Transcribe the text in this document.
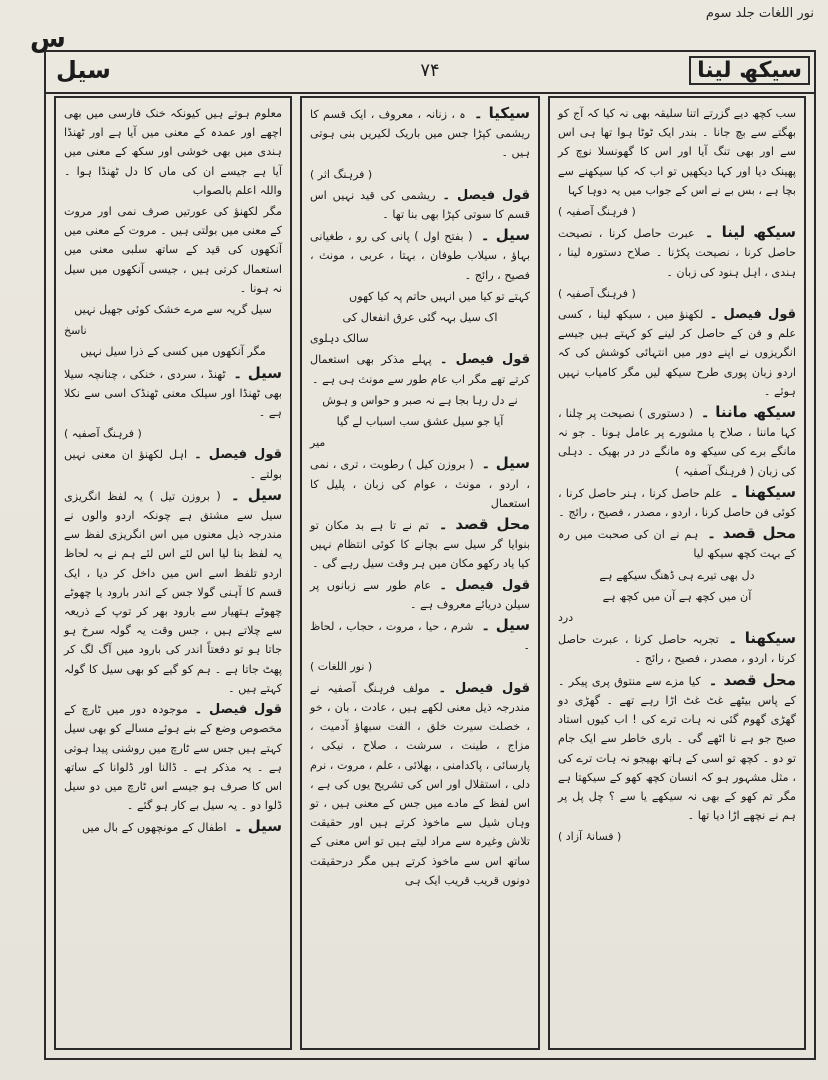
نور اللغات جلد سوم
س
سیکھ لینا
۷۴
سیل
سب کچھ دیے گزرتے اتنا سلیقہ بھی نہ کیا کہ آج کو بھگتے سے بچ جانا ۔ بندر ایک ٹوٹا ہوا تھا ہی اس سے اور بھی تنگ آیا اور اس کا گھونسلا نوچ کر پھینک دیا اور کہا دیکھیں تو اب کہ کیا سیکھنے سے بچا ہے ، بس بے نے اس کے جواب میں یہ دوہا کہا
( فرہنگ آصفیہ )
سیکھ لینا ۔ عبرت حاصل کرنا ، نصیحت حاصل کرنا ، نصیحت پکڑنا ۔ صلاح دستورہ لینا ، ہندی ، اہل ہنود کی زبان ۔
( فرہنگ آصفیہ )
قول فیصل ۔ لکھنؤ میں ، سیکھ لینا ، کسی علم و فن کے حاصل کر لینے کو کہتے ہیں جیسے انگریزوں نے اپنے دور میں انتہائی کوشش کی کہ اردو زبان پوری طرح سیکھ لیں مگر کامیاب نہیں ہوئے ۔
سیکھ ماننا ۔ ( دستوری ) نصیحت پر چلنا ، کہا ماننا ، صلاح یا مشورے پر عامل ہونا ۔ جو نہ مانگے برے کی سیکھ وہ مانگے در در بھیک ۔ دہلی کی زبان ( فرہنگ آصفیہ )
سیکھنا ۔ علم حاصل کرنا ، ہنر حاصل کرنا ، کوئی فن حاصل کرنا ، اردو ، مصدر ، فصیح ، رائج ۔
محل قصد ۔ ہم نے ان کی صحبت میں رہ کے بہت کچھ سیکھ لیا
دل بھی تیرے ہی ڈھنگ سیکھے ہے
آن میں کچھ ہے آن میں کچھ ہے
درد
سیکھنا ۔ تجربہ حاصل کرنا ، عبرت حاصل کرنا ، اردو ، مصدر ، فصیح ، رائج ۔
محل قصد ۔ کیا مزے سے منتوق پری پیکر ۔ کے پاس بیٹھے غٹ غٹ اڑا رہے تھے ۔ گھڑی دو گھڑی گھوم گئی نہ ہات ترے کی ! اب کیوں استاد صبح جو ہے نا اٹھے گی ۔ باری خاطر سے ایک جام تو دو ۔ کچھ تو اسی کے ہاتھ بھیجو نہ ہات ترے کی ، مثل مشہور ہو کہ انسان کچھ کھو کے سیکھتا ہے مگر تم کھو کے بھی نہ سیکھے یا سے ؟ چل پل پر ہم نے نچھے اڑا دیا تھا ۔
( فسانۂ آزاد )
سیکیا ۔ ہ ، زنانہ ، معروف ، ایک قسم کا ریشمی کپڑا جس میں باریک لکیریں بنی ہوتی ہیں ۔
( فرہنگ اثر )
قول فیصل ۔ ریشمی کی قید نہیں اس قسم کا سوتی کپڑا بھی بنا تھا ۔
سیل ۔ ( بفتح اول ) پانی کی رو ، طغیانی بہاؤ ، سیلاب طوفان ، بہتا ، عربی ، مونث ، فصیح ، رائج ۔
کہتے تو کیا میں انہیں حاتم پہ کیا کھوں
اک سیل بہہ گئی عرق انفعال کی
سالک دہلوی
قول فیصل ۔ پہلے مذکر بھی استعمال کرتے تھے مگر اب عام طور سے مونث ہی ہے ۔
نے دل رہا بجا ہے نہ صبر و حواس و ہوش
آیا جو سیل عشق سب اسباب لے گیا
میر
سیل ۔ ( بروزن کیل ) رطوبت ، تری ، نمی ، اردو ، مونث ، عوام کی زبان ، پلیل کا استعمال
محل قصد ۔ تم نے تا ہے بد مکان تو بنوایا گر سیل سے بچانے کا کوئی انتظام نہیں کیا یاد رکھو مکان میں ہر وقت سیل رہے گی ۔
قول فیصل ۔ عام طور سے زبانوں پر سیلن دریائے معروف ہے ۔
سیل ۔ شرم ، حیا ، مروت ، حجاب ، لحاظ ۔
( نور اللغات )
قول فیصل ۔ مولف فرہنگ آصفیہ نے مندرجہ ذیل معنی لکھے ہیں ، عادت ، بان ، خو ، خصلت سیرت خلق ، الفت سبھاؤ آدمیت ، مزاج ، طینت ، سرشت ، صلاح ، نیکی ، پارسائی ، پاکدامنی ، بھلائی ، علم ، مروت ، نرم دلی ، استقلال اور اس کی تشریح یوں کی ہے ، اس لفظ کے مادے میں جس کے معنی ہیں ، تو وہاں شیل سے ماخوذ کرتے ہیں اور حقیقت تلاش وغیرہ سے مراد لیتے ہیں تو اس معنی کے ساتھ اس سے ماخوذ کرتے ہیں مگر درحقیقت دونوں قریب قریب ایک ہی
معلوم ہوتے ہیں کیونکہ خنک فارسی میں بھی اچھے اور عمدہ کے معنی میں آیا ہے اور ٹھنڈا ہندی میں بھی خوشی اور سکھ کے معنی میں آیا ہے جیسے ان کی ماں کا دل ٹھنڈا ہوا ۔ واللہ اعلم بالصواب
مگر لکھنؤ کی عورتیں صرف نمی اور مروت کے معنی میں بولتی ہیں ۔ مروت کے معنی میں آنکھوں کی قید کے ساتھ سلبی معنی میں استعمال کرتی ہیں ، جیسی آنکھوں میں سیل نہ ہونا ۔
سیل گریہ سے مرے خشک کوئی جھیل نہیں
ناسخ
مگر آنکھوں میں کسی کے ذرا سیل نہیں
سیل ۔ ٹھنڈ ، سردی ، خنکی ، چنانچہ سیلا بھی ٹھنڈا اور سیلک معنی ٹھنڈک اسی سے نکلا ہے ۔
( فرہنگ آصفیہ )
قول فیصل ۔ اہل لکھنؤ ان معنی نہیں بولتے ۔
سیل ۔ ( بروزن تیل ) یہ لفظ انگریزی سیل سے مشتق ہے چونکہ اردو والوں نے مندرجہ ذیل معنوں میں اس انگریزی لفظ سے یہ لفظ بنا لیا اس لئے اس لئے ہم نے بہ لحاظ اردو تلفظ اسے اس میں داخل کر دیا ، ایک قسم کا آہنی گولا جس کے اندر بارود یا چھوٹے چھوٹے ہتھیار سے بارود بھر کر توپ کے ذریعہ سے چلاتے ہیں ، جس وقت یہ گولہ سرخ ہو جاتا ہو تو دفعتاً اندر کی بارود میں آگ لگ کر پھٹ جاتا ہے ۔ ہم کو گیے کو بھی سیل کا گولہ کہتے ہیں ۔
قول فیصل ۔ موجودہ دور میں ٹارچ کے مخصوص وضع کے بنے ہوئے مسالے کو بھی سیل کہتے ہیں جس سے ٹارچ میں روشنی پیدا ہوتی ہے ۔ یہ مذکر ہے ۔ ڈالنا اور ڈلوانا کے ساتھ اس کا صرف ہو جیسے اس ٹارچ میں دو سیل ڈلوا دو ۔ یہ سیل بے کار ہو گئے ۔
سیل ۔ اطفال کے مونچھوں کے بال میں
